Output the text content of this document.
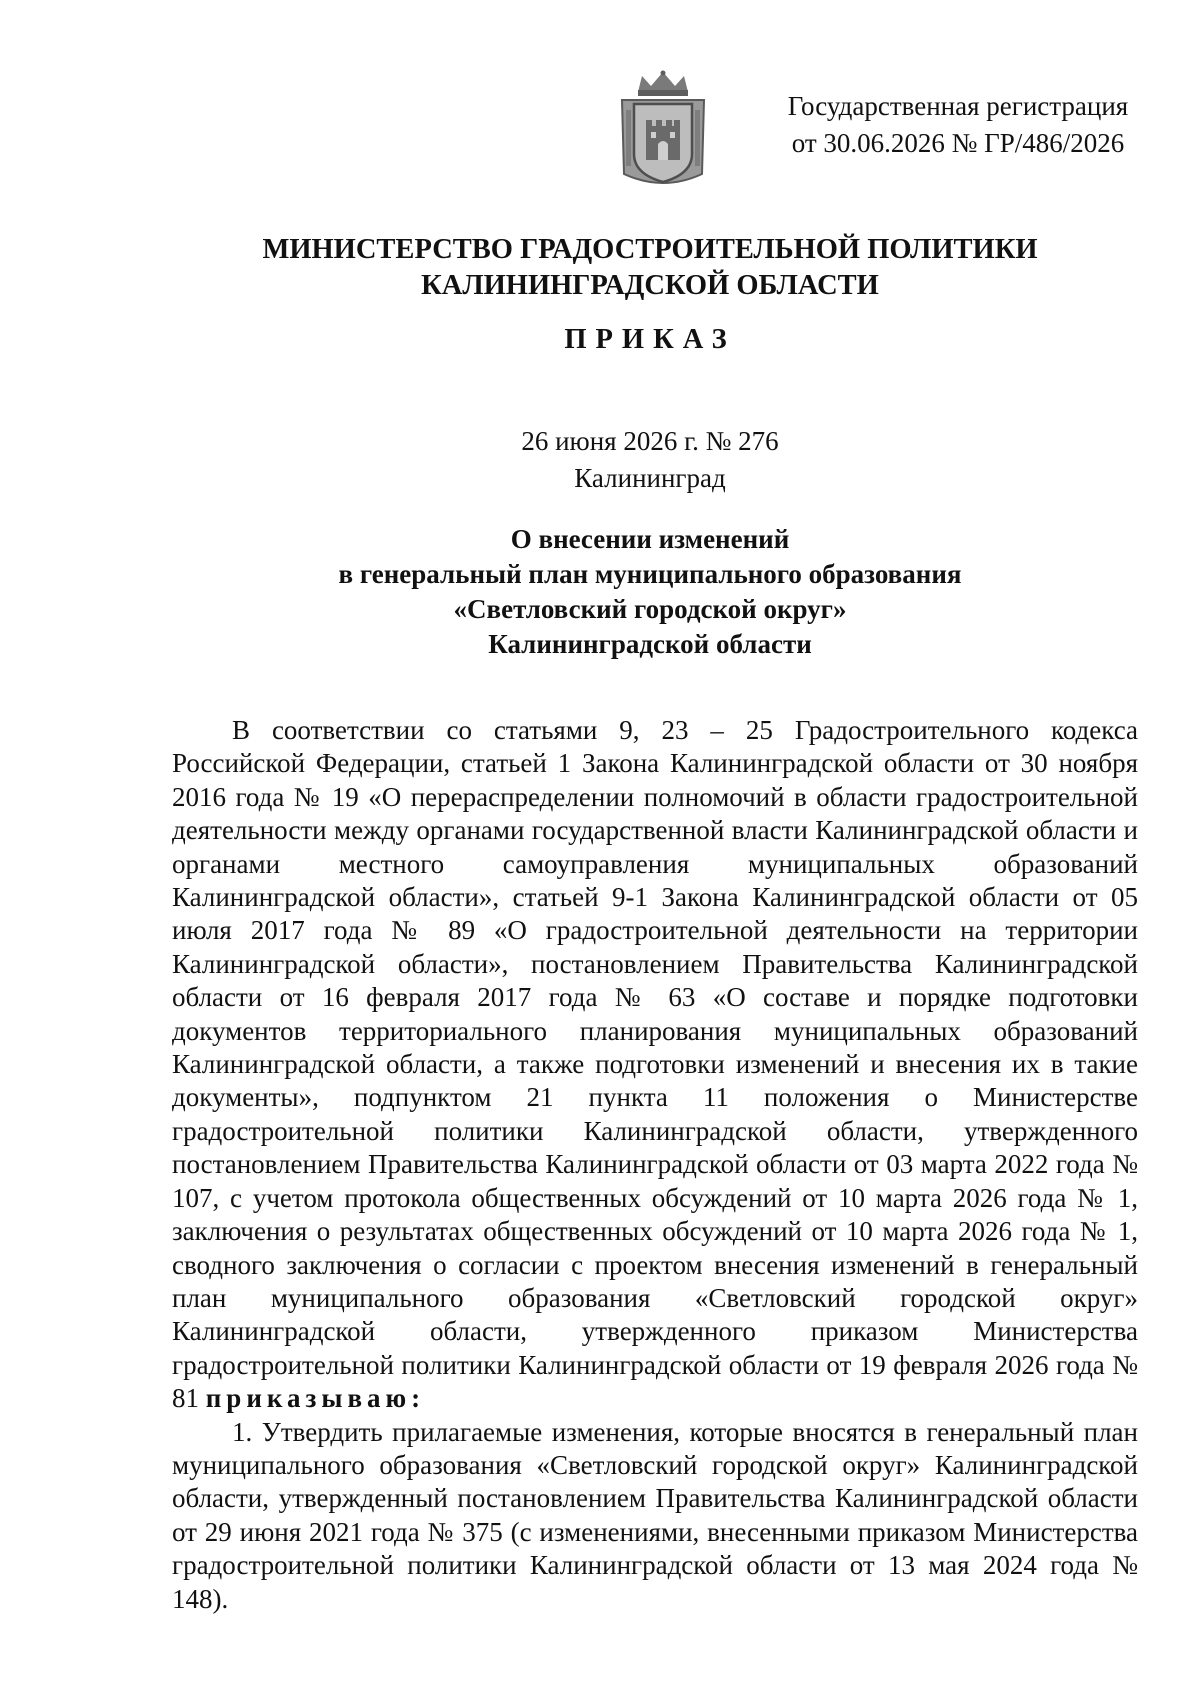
Государственная регистрация
от 30.06.2026 № ГР/486/2026
МИНИСТЕРСТВО ГРАДОСТРОИТЕЛЬНОЙ ПОЛИТИКИ
КАЛИНИНГРАДСКОЙ ОБЛАСТИ
ПРИКАЗ
26 июня 2026 г. № 276
Калининград
О внесении изменений
в генеральный план муниципального образования
«Светловский городской округ»
Калининградской области

В соответствии со статьями 9, 23 – 25 Градостроительного кодекса Российской Федерации, статьей 1 Закона Калининградской области от 30 ноября 2016 года № 19 «О перераспределении полномочий в области градостроительной деятельности между органами государственной власти Калининградской области и органами местного самоуправления муниципальных образований Калининградской области», статьей 9-1 Закона Калининградской области от 05 июля 2017 года № 89 «О градостроительной деятельности на территории Калининградской области», постановлением Правительства Калининградской области от 16 февраля 2017 года № 63 «О составе и порядке подготовки документов территориального планирования муниципальных образований Калининградской области, а также подготовки изменений и внесения их в такие документы», подпунктом 21 пункта 11 положения о Министерстве градостроительной политики Калининградской области, утвержденного постановлением Правительства Калининградской области от 03 марта 2022 года № 107, с учетом протокола общественных обсуждений от 10 марта 2026 года № 1, заключения о результатах общественных обсуждений от 10 марта 2026 года № 1, сводного заключения о согласии с проектом внесения изменений в генеральный план муниципального образования «Светловский городской округ» Калининградской области, утвержденного приказом Министерства градостроительной политики Калининградской области от 19 февраля 2026 года № 81 приказываю:

1. Утвердить прилагаемые изменения, которые вносятся в генеральный план муниципального образования «Светловский городской округ» Калининградской области, утвержденный постановлением Правительства Калининградской области от 29 июня 2021 года № 375 (с изменениями, внесенными приказом Министерства градостроительной политики Калининградской области от 13 мая 2024 года № 148).
